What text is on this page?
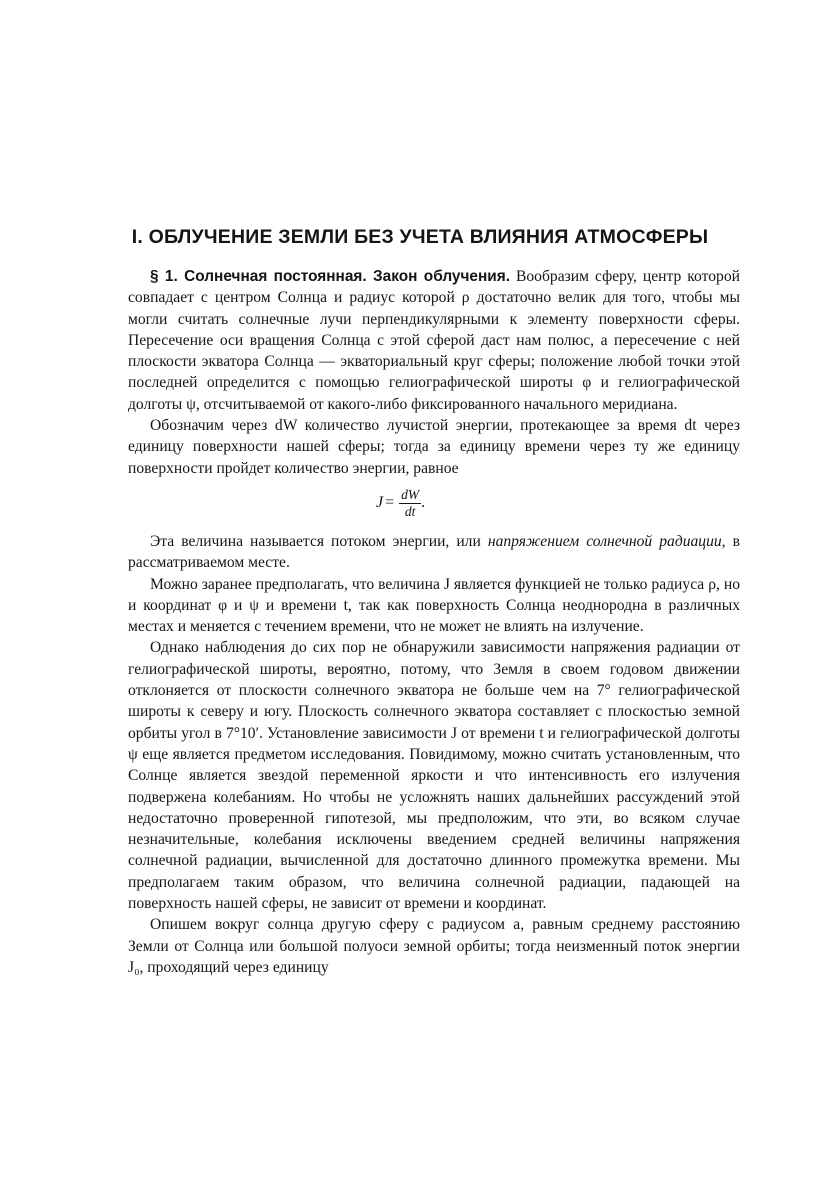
I. ОБЛУЧЕНИЕ ЗЕМЛИ БЕЗ УЧЕТА ВЛИЯНИЯ АТМОСФЕРЫ

§ 1. Солнечная постоянная. Закон облучения. Вообразим сферу, центр которой совпадает с центром Солнца и радиус которой ρ достаточно велик для того, чтобы мы могли считать солнечные лучи перпендикулярными к элементу поверхности сферы. Пересечение оси вращения Солнца с этой сферой даст нам полюс, а пересечение с ней плоскости экватора Солнца — экваториальный круг сферы; положение любой точки этой последней определится с помощью гелиографической широты φ и гелиографической долготы ψ, отсчитываемой от какого-либо фиксированного начального меридиана.

Обозначим через dW количество лучистой энергии, протекающее за время dt через единицу поверхности нашей сферы; тогда за единицу времени через ту же единицу поверхности пройдет количество энергии, равное

$J = \frac{dW}{dt}$ .

Эта величина называется потоком энергии, или напряжением солнечной радиации, в рассматриваемом месте.

Можно заранее предполагать, что величина J является функцией не только радиуса ρ, но и координат φ и ψ и времени t, так как поверхность Солнца неоднородна в различных местах и меняется с течением времени, что не может не влиять на излучение.

Однако наблюдения до сих пор не обнаружили зависимости напряжения радиации от гелиографической широты, вероятно, потому, что Земля в своем годовом движении отклоняется от плоскости солнечного экватора не больше чем на 7° гелиографической широты к северу и югу. Плоскость солнечного экватора составляет с плоскостью земной орбиты угол в 7°10′. Установление зависимости J от времени t и гелиографической долготы ψ еще является предметом исследования. Повидимому, можно считать установленным, что Солнце является звездой переменной яркости и что интенсивность его излучения подвержена колебаниям. Но чтобы не усложнять наших дальнейших рассуждений этой недостаточно проверенной гипотезой, мы предположим, что эти, во всяком случае незначительные, колебания исключены введением средней величины напряжения солнечной радиации, вычисленной для достаточно длинного промежутка времени. Мы предполагаем таким образом, что величина солнечной радиации, падающей на поверхность нашей сферы, не зависит от времени и координат.

Опишем вокруг солнца другую сферу с радиусом a, равным среднему расстоянию Земли от Солнца или большой полуоси земной орбиты; тогда неизменный поток энергии J₀, проходящий через единицу
